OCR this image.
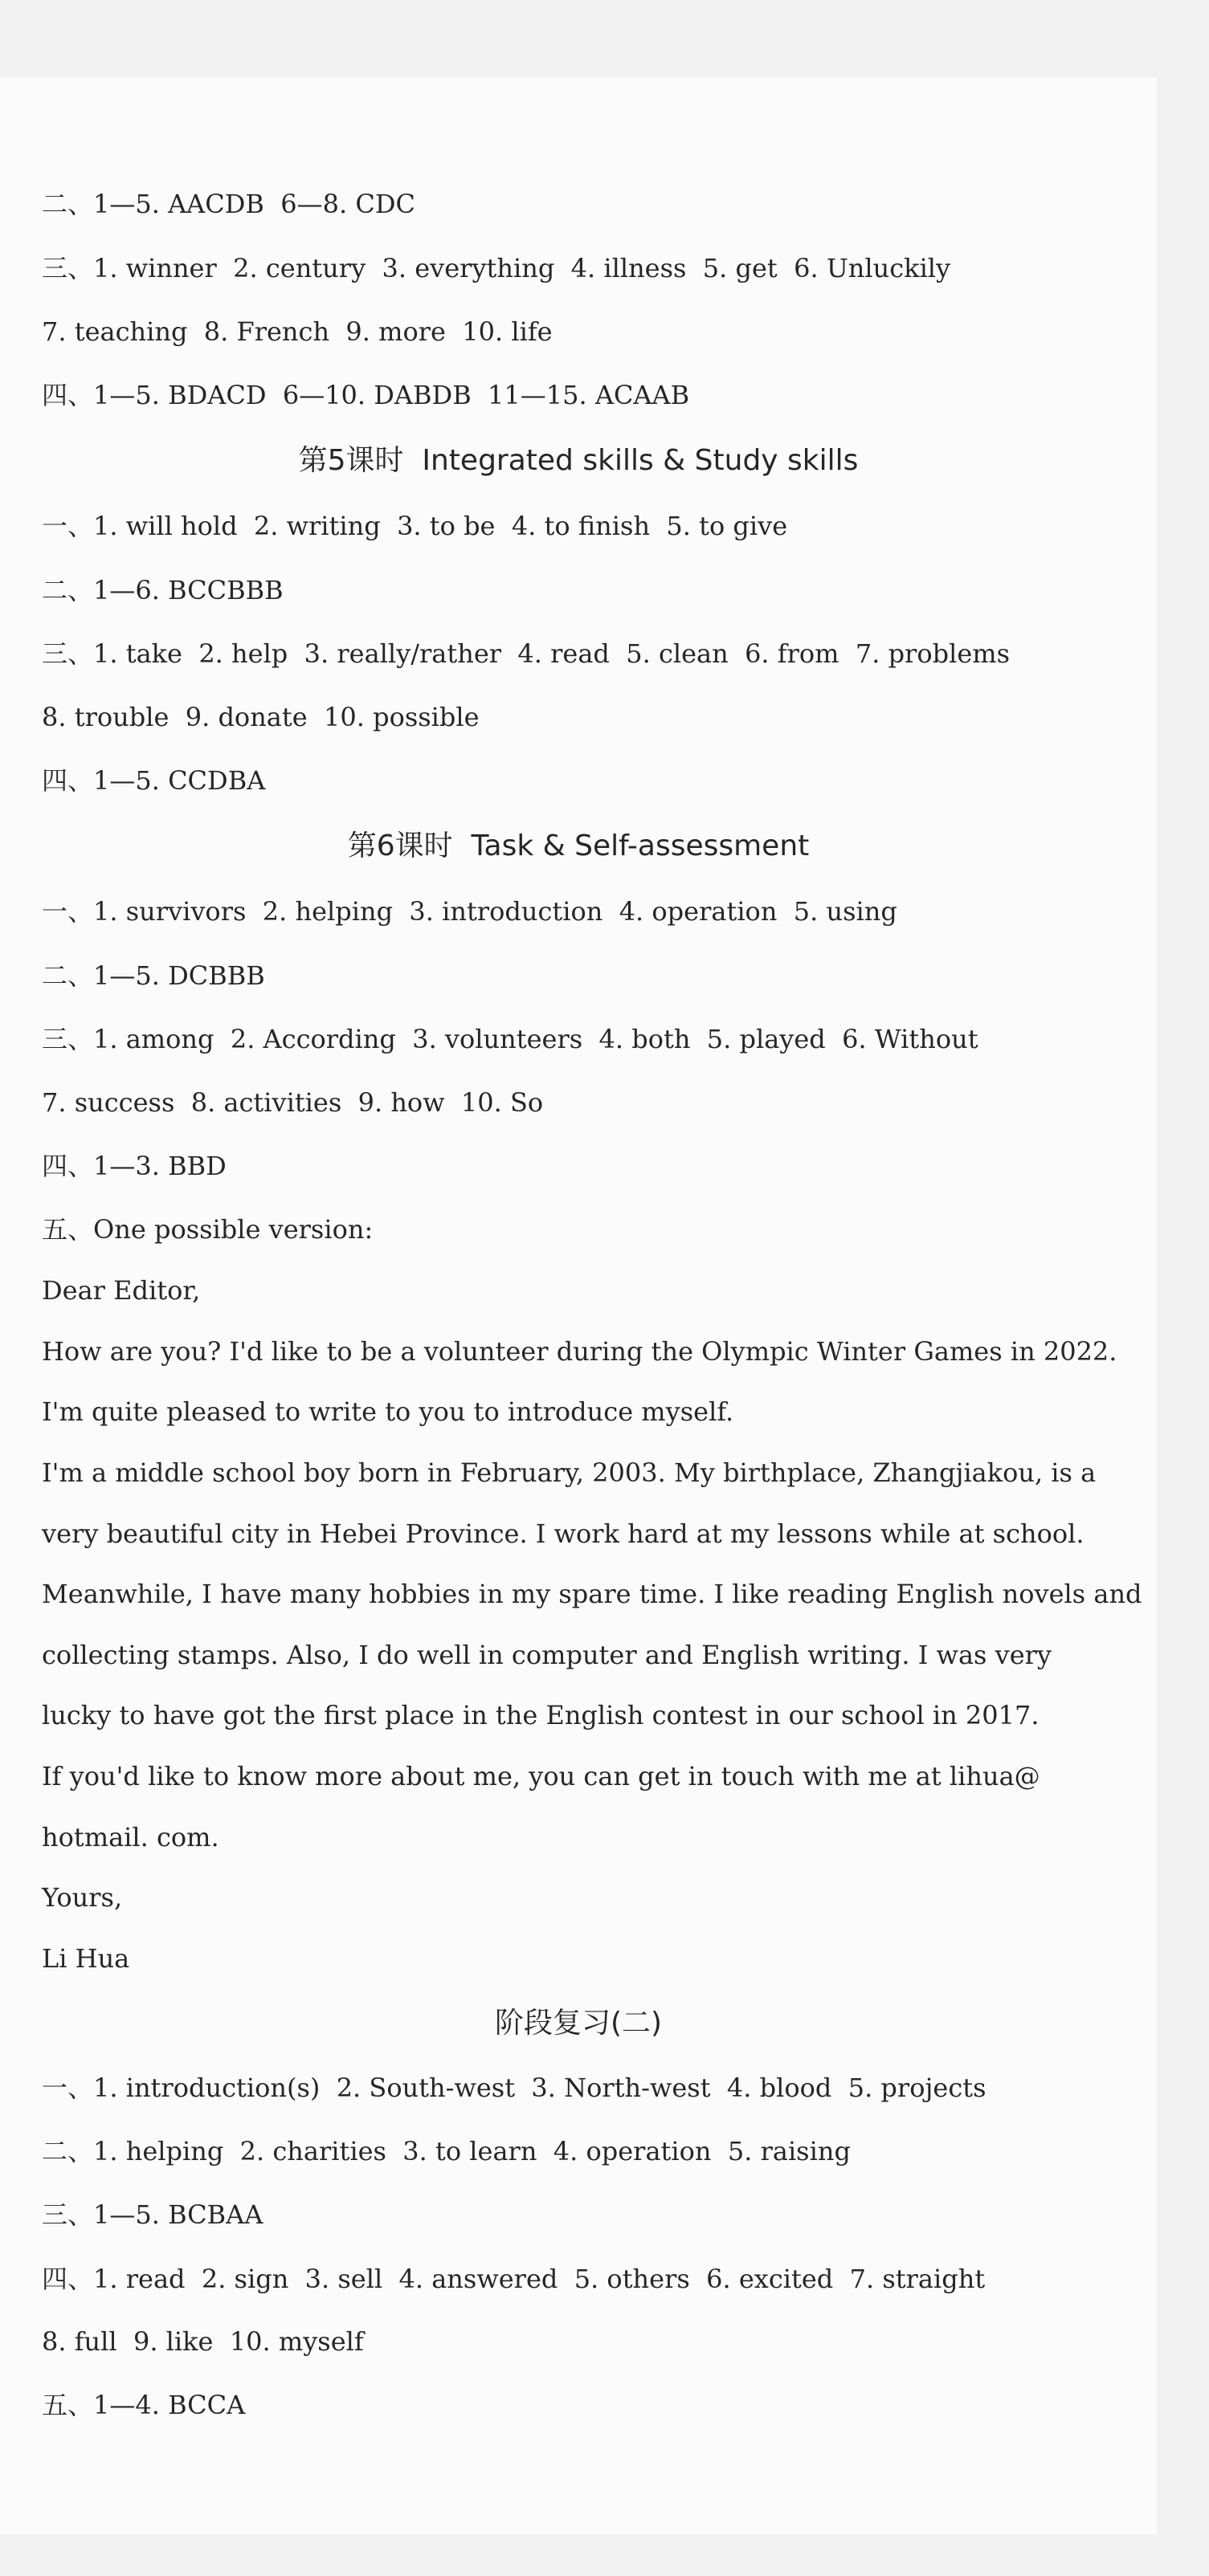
二、1—5. AACDB  6—8. CDC
三、1. winner  2. century  3. everything  4. illness  5. get  6. Unluckily
7. teaching  8. French  9. more  10. life
四、1—5. BDACD  6—10. DABDB  11—15. ACAAB
第5课时  Integrated skills & Study skills
一、1. will hold  2. writing  3. to be  4. to finish  5. to give
二、1—6. BCCBBB
三、1. take  2. help  3. really/rather  4. read  5. clean  6. from  7. problems
8. trouble  9. donate  10. possible
四、1—5. CCDBA
第6课时  Task & Self-assessment
一、1. survivors  2. helping  3. introduction  4. operation  5. using
二、1—5. DCBBB
三、1. among  2. According  3. volunteers  4. both  5. played  6. Without
7. success  8. activities  9. how  10. So
四、1—3. BBD
五、One possible version:
Dear Editor,
How are you? I'd like to be a volunteer during the Olympic Winter Games in 2022.
I'm quite pleased to write to you to introduce myself.
I'm a middle school boy born in February, 2003. My birthplace, Zhangjiakou, is a
very beautiful city in Hebei Province. I work hard at my lessons while at school.
Meanwhile, I have many hobbies in my spare time. I like reading English novels and
collecting stamps. Also, I do well in computer and English writing. I was very
lucky to have got the first place in the English contest in our school in 2017.
If you'd like to know more about me, you can get in touch with me at lihua@
hotmail. com.
Yours,
Li Hua
阶段复习(二)
一、1. introduction(s)  2. South-west  3. North-west  4. blood  5. projects
二、1. helping  2. charities  3. to learn  4. operation  5. raising
三、1—5. BCBAA
四、1. read  2. sign  3. sell  4. answered  5. others  6. excited  7. straight
8. full  9. like  10. myself
五、1—4. BCCA
